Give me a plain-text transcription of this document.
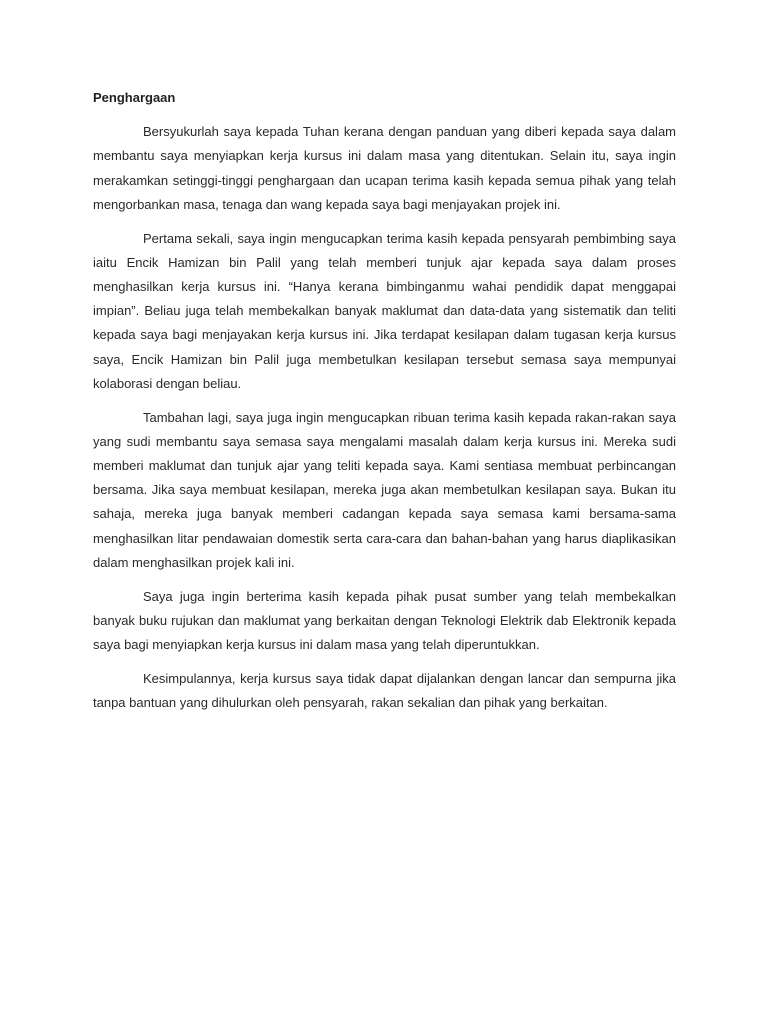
Penghargaan

Bersyukurlah saya kepada Tuhan kerana dengan panduan yang diberi kepada saya dalam membantu saya menyiapkan kerja kursus ini dalam masa yang ditentukan. Selain itu, saya ingin merakamkan setinggi-tinggi penghargaan dan ucapan terima kasih kepada semua pihak yang telah mengorbankan masa, tenaga dan wang kepada saya bagi menjayakan projek ini.

Pertama sekali, saya ingin mengucapkan terima kasih kepada pensyarah pembimbing saya iaitu Encik Hamizan bin Palil yang telah memberi tunjuk ajar kepada saya dalam proses menghasilkan kerja kursus ini. “Hanya kerana bimbinganmu wahai pendidik dapat menggapai impian”. Beliau juga telah membekalkan banyak maklumat dan data-data yang sistematik dan teliti kepada saya bagi menjayakan kerja kursus ini. Jika terdapat kesilapan dalam tugasan kerja kursus saya, Encik Hamizan bin Palil juga membetulkan kesilapan tersebut semasa saya mempunyai kolaborasi dengan beliau.

Tambahan lagi, saya juga ingin mengucapkan ribuan terima kasih kepada rakan-rakan saya yang sudi membantu saya semasa saya mengalami masalah dalam kerja kursus ini. Mereka sudi memberi maklumat dan tunjuk ajar yang teliti kepada saya. Kami sentiasa membuat perbincangan bersama. Jika saya membuat kesilapan, mereka juga akan membetulkan kesilapan saya. Bukan itu sahaja, mereka juga banyak memberi cadangan kepada saya semasa kami bersama-sama menghasilkan litar pendawaian domestik serta cara-cara dan bahan-bahan yang harus diaplikasikan dalam menghasilkan projek kali ini.

Saya juga ingin berterima kasih kepada pihak pusat sumber yang telah membekalkan banyak buku rujukan dan maklumat yang berkaitan dengan Teknologi Elektrik dab Elektronik kepada saya bagi menyiapkan kerja kursus ini dalam masa yang telah diperuntukkan.

Kesimpulannya, kerja kursus saya tidak dapat dijalankan dengan lancar dan sempurna jika tanpa bantuan yang dihulurkan oleh pensyarah, rakan sekalian dan pihak yang berkaitan.
